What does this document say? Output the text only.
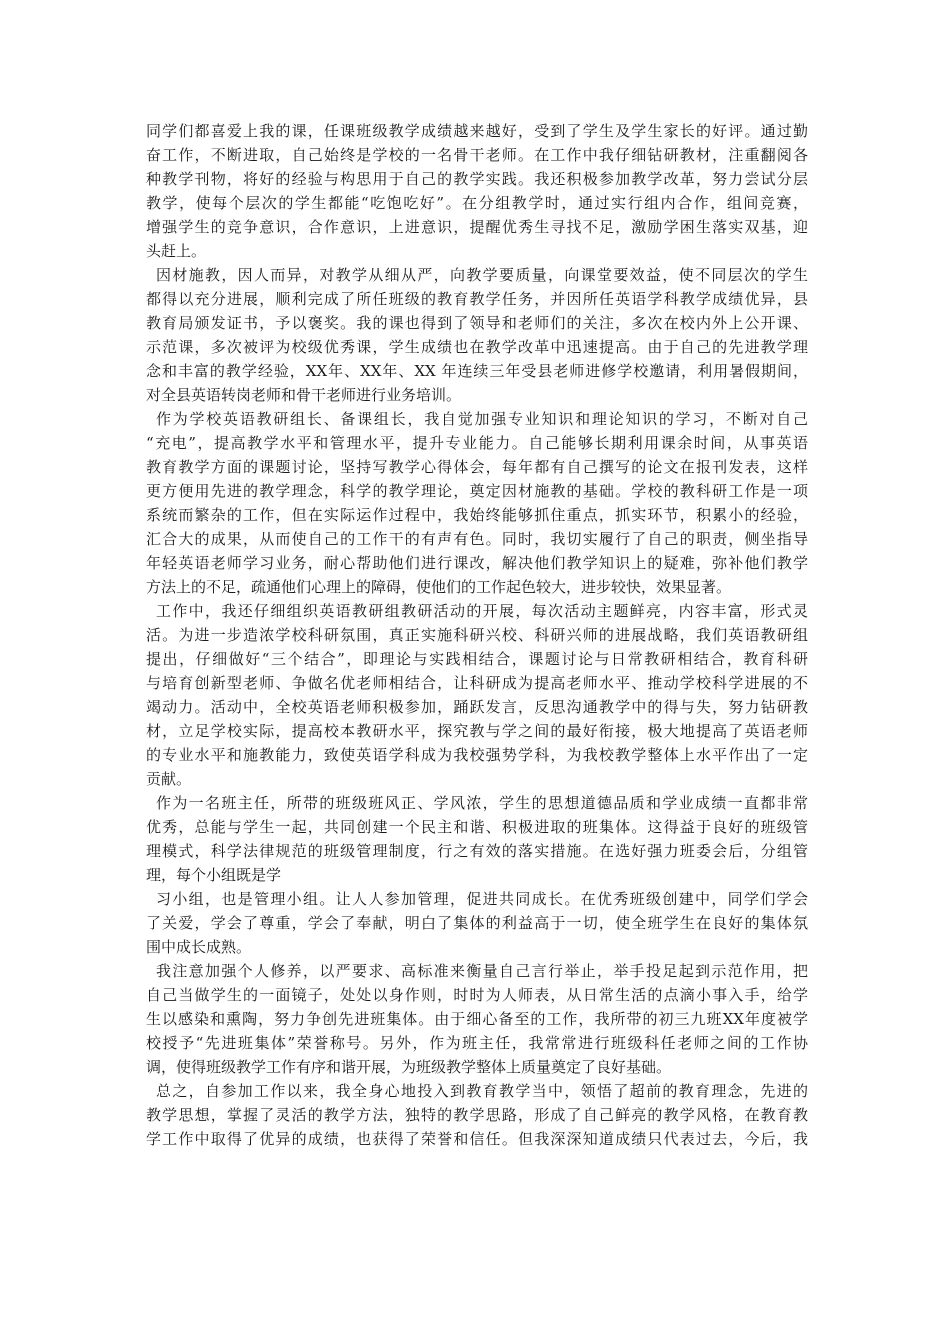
同学们都喜爱上我的课，任课班级教学成绩越来越好，受到了学生及学生家长的好评。通过勤
奋工作，不断进取，自己始终是学校的一名骨干老师。在工作中我仔细钻研教材，注重翻阅各
种教学刊物，将好的经验与构思用于自己的教学实践。我还积极参加教学改革，努力尝试分层
教学，使每个层次的学生都能“吃饱吃好”。在分组教学时，通过实行组内合作，组间竞赛，
增强学生的竞争意识，合作意识，上进意识，提醒优秀生寻找不足，激励学困生落实双基，迎
头赶上。
因材施教，因人而异，对教学从细从严，向教学要质量，向课堂要效益，使不同层次的学生
都得以充分进展，顺利完成了所任班级的教育教学任务，并因所任英语学科教学成绩优异，县
教育局颁发证书，予以褒奖。我的课也得到了领导和老师们的关注，多次在校内外上公开课、
示范课，多次被评为校级优秀课，学生成绩也在教学改革中迅速提高。由于自己的先进教学理
念和丰富的教学经验，XX年、XX年、XX 年连续三年受县老师进修学校邀请，利用暑假期间，
对全县英语转岗老师和骨干老师进行业务培训。
作为学校英语教研组长、备课组长，我自觉加强专业知识和理论知识的学习，不断对自己
“充电”，提高教学水平和管理水平，提升专业能力。自己能够长期利用课余时间，从事英语
教育教学方面的课题讨论，坚持写教学心得体会，每年都有自己撰写的论文在报刊发表，这样
更方便用先进的教学理念，科学的教学理论，奠定因材施教的基础。学校的教科研工作是一项
系统而繁杂的工作，但在实际运作过程中，我始终能够抓住重点，抓实环节，积累小的经验，
汇合大的成果，从而使自己的工作干的有声有色。同时，我切实履行了自己的职责，侧坐指导
年轻英语老师学习业务，耐心帮助他们进行课改，解决他们教学知识上的疑难，弥补他们教学
方法上的不足，疏通他们心理上的障碍，使他们的工作起色较大，进步较快，效果显著。
工作中，我还仔细组织英语教研组教研活动的开展，每次活动主题鲜亮，内容丰富，形式灵
活。为进一步造浓学校科研氛围，真正实施科研兴校、科研兴师的进展战略，我们英语教研组
提出，仔细做好“三个结合”，即理论与实践相结合，课题讨论与日常教研相结合，教育科研
与培育创新型老师、争做名优老师相结合，让科研成为提高老师水平、推动学校科学进展的不
竭动力。活动中，全校英语老师积极参加，踊跃发言，反思沟通教学中的得与失，努力钻研教
材，立足学校实际，提高校本教研水平，探究教与学之间的最好衔接，极大地提高了英语老师
的专业水平和施教能力，致使英语学科成为我校强势学科，为我校教学整体上水平作出了一定
贡献。
作为一名班主任，所带的班级班风正、学风浓，学生的思想道德品质和学业成绩一直都非常
优秀，总能与学生一起，共同创建一个民主和谐、积极进取的班集体。这得益于良好的班级管
理模式，科学法律规范的班级管理制度，行之有效的落实措施。在选好强力班委会后，分组管
理，每个小组既是学
习小组，也是管理小组。让人人参加管理，促进共同成长。在优秀班级创建中，同学们学会
了关爱，学会了尊重，学会了奉献，明白了集体的利益高于一切，使全班学生在良好的集体氛
围中成长成熟。
我注意加强个人修养，以严要求、高标准来衡量自己言行举止，举手投足起到示范作用，把
自己当做学生的一面镜子，处处以身作则，时时为人师表，从日常生活的点滴小事入手，给学
生以感染和熏陶，努力争创先进班集体。由于细心备至的工作，我所带的初三九班XX年度被学
校授予“先进班集体”荣誉称号。另外，作为班主任，我常常进行班级科任老师之间的工作协
调，使得班级教学工作有序和谐开展，为班级教学整体上质量奠定了良好基础。
总之，自参加工作以来，我全身心地投入到教育教学当中，领悟了超前的教育理念，先进的
教学思想，掌握了灵活的教学方法，独特的教学思路，形成了自己鲜亮的教学风格，在教育教
学工作中取得了优异的成绩，也获得了荣誉和信任。但我深深知道成绩只代表过去，今后，我
